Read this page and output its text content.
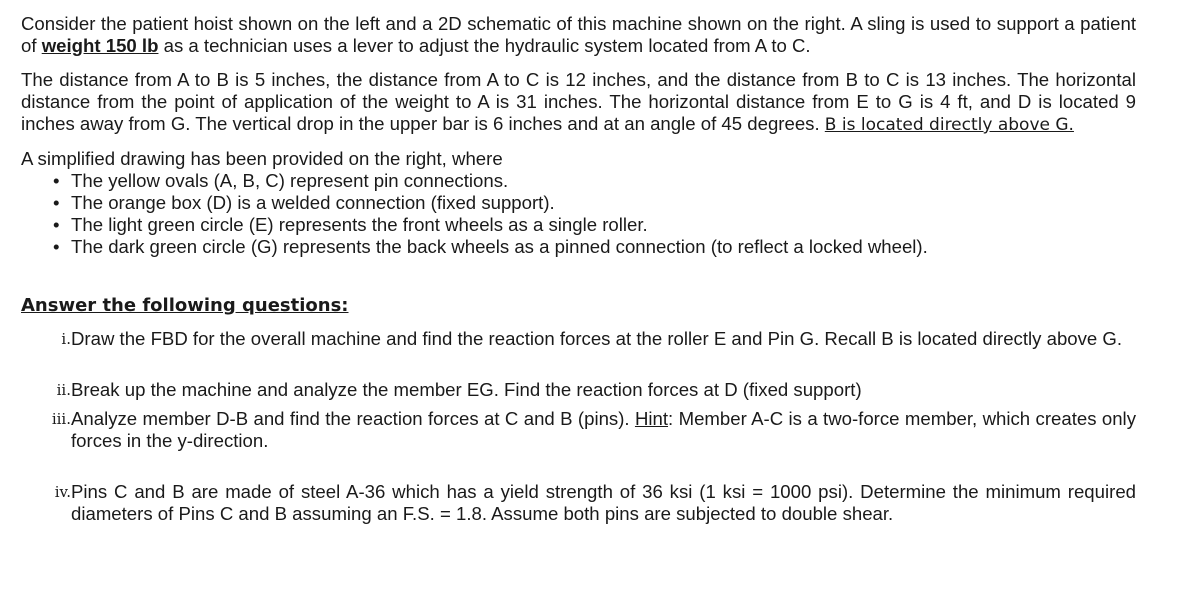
Consider the patient hoist shown on the left and a 2D schematic of this machine shown on the right. A sling is used to support a patient of weight 150 lb as a technician uses a lever to adjust the hydraulic system located from A to C.

The distance from A to B is 5 inches, the distance from A to C is 12 inches, and the distance from B to C is 13 inches. The horizontal distance from the point of application of the weight to A is 31 inches. The horizontal distance from E to G is 4 ft, and D is located 9 inches away from G. The vertical drop in the upper bar is 6 inches and at an angle of 45 degrees. B is located directly above G.

A simplified drawing has been provided on the right, where

• The yellow ovals (A, B, C) represent pin connections.
• The orange box (D) is a welded connection (fixed support).
• The light green circle (E) represents the front wheels as a single roller.
• The dark green circle (G) represents the back wheels as a pinned connection (to reflect a locked wheel).
Answer the following questions:
i. Draw the FBD for the overall machine and find the reaction forces at the roller E and Pin G. Recall B is located directly above G.
ii. Break up the machine and analyze the member EG. Find the reaction forces at D (fixed support)
iii. Analyze member D-B and find the reaction forces at C and B (pins). Hint: Member A-C is a two-force member, which creates only forces in the y-direction.
iv. Pins C and B are made of steel A-36 which has a yield strength of 36 ksi (1 ksi = 1000 psi). Determine the minimum required diameters of Pins C and B assuming an F.S. = 1.8. Assume both pins are subjected to double shear.
